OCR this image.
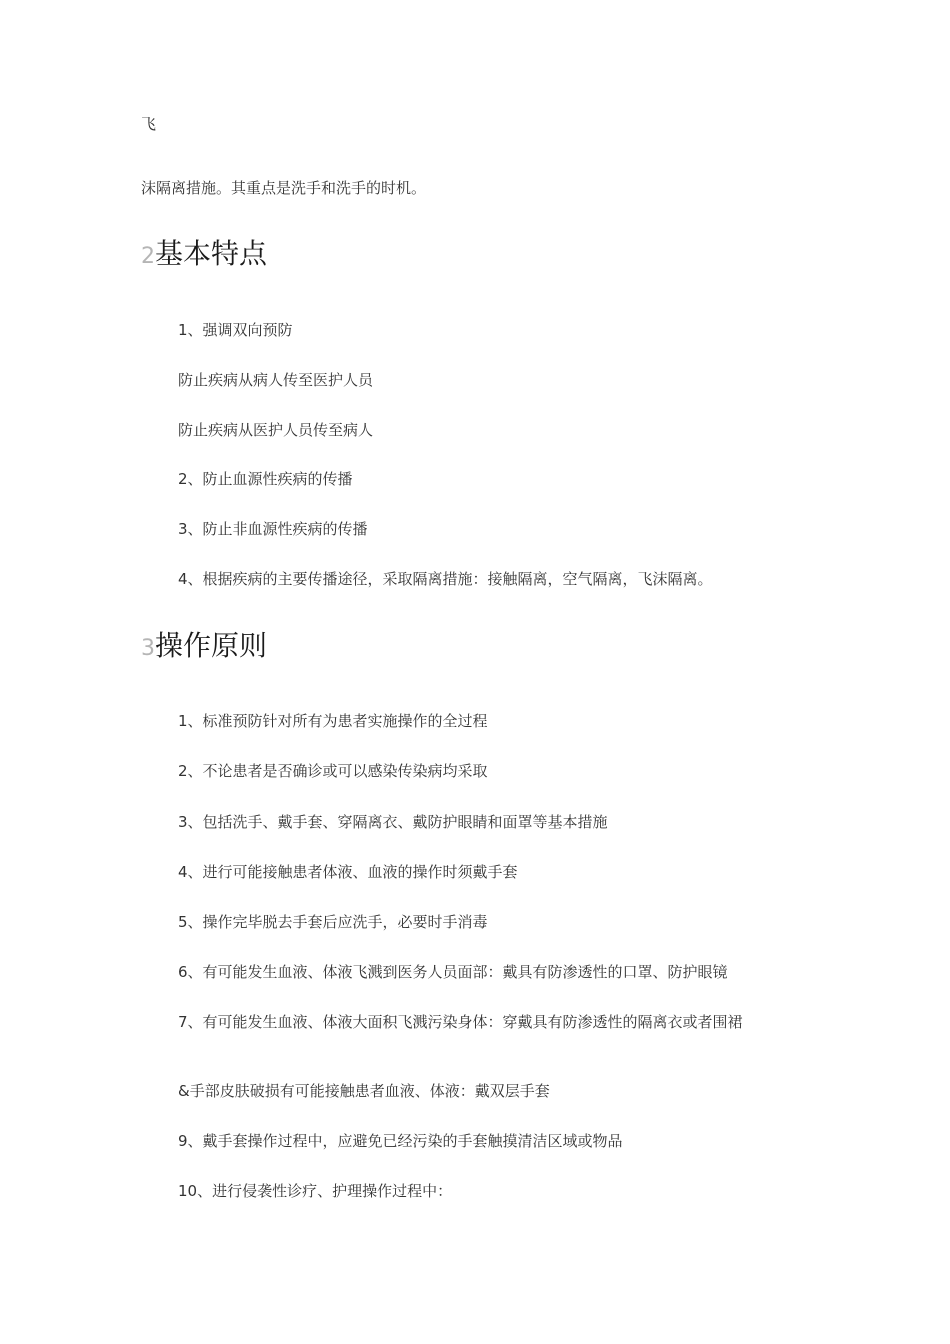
飞
沫隔离措施。其重点是洗手和洗手的时机。
2基本特点
1、强调双向预防
防止疾病从病人传至医护人员
防止疾病从医护人员传至病人
2、防止血源性疾病的传播
3、防止非血源性疾病的传播
4、根据疾病的主要传播途径，采取隔离措施：接触隔离，空气隔离，飞沫隔离。
3操作原则
1、标准预防针对所有为患者实施操作的全过程
2、不论患者是否确诊或可以感染传染病均采取
3、包括洗手、戴手套、穿隔离衣、戴防护眼睛和面罩等基本措施
4、进行可能接触患者体液、血液的操作时须戴手套
5、操作完毕脱去手套后应洗手，必要时手消毒
6、有可能发生血液、体液飞溅到医务人员面部：戴具有防渗透性的口罩、防护眼镜
7、有可能发生血液、体液大面积飞溅污染身体：穿戴具有防渗透性的隔离衣或者围裙
&手部皮肤破损有可能接触患者血液、体液：戴双层手套
9、戴手套操作过程中，应避免已经污染的手套触摸清洁区域或物品
10、进行侵袭性诊疗、护理操作过程中：
